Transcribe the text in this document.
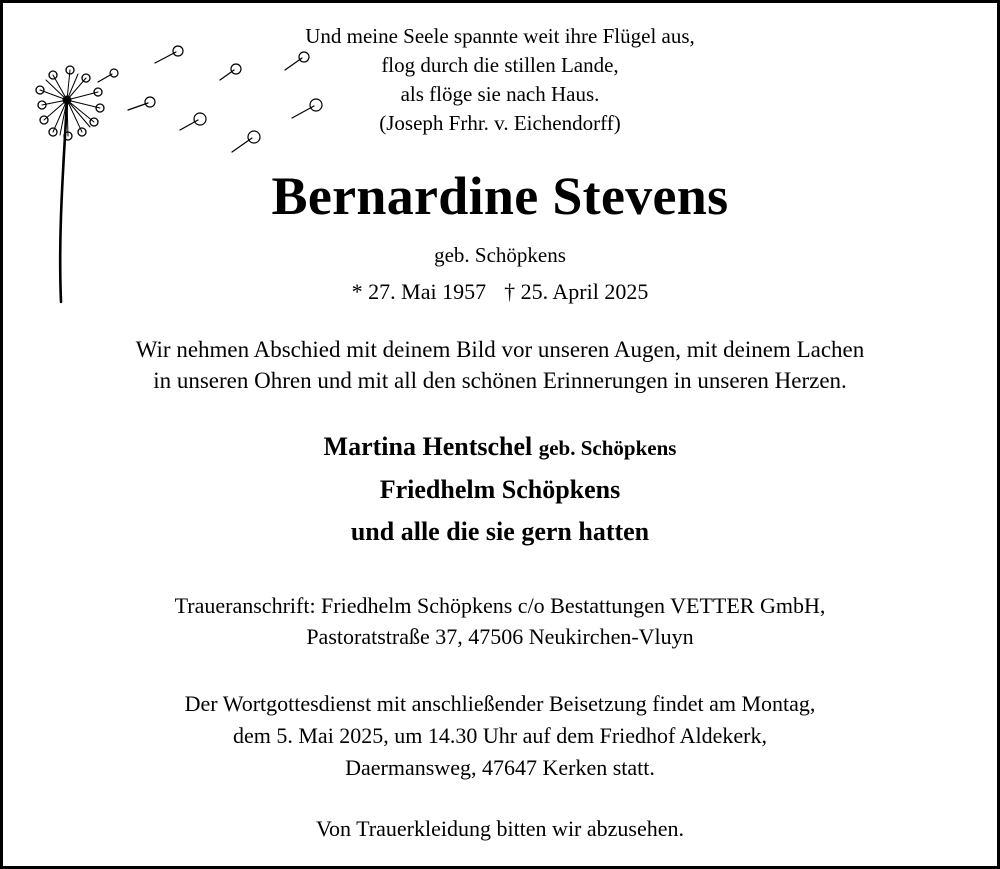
Und meine Seele spannte weit ihre Flügel aus,
flog durch die stillen Lande,
als flöge sie nach Haus.
(Joseph Frhr. v. Eichendorff)
Bernardine Stevens
geb. Schöpkens
* 27. Mai 1957 † 25. April 2025
Wir nehmen Abschied mit deinem Bild vor unseren Augen, mit deinem Lachen
in unseren Ohren und mit all den schönen Erinnerungen in unseren Herzen.
Martina Hentschel geb. Schöpkens
Friedhelm Schöpkens
und alle die sie gern hatten
Traueranschrift: Friedhelm Schöpkens c/o Bestattungen VETTER GmbH,
Pastoratstraße 37, 47506 Neukirchen-Vluyn
Der Wortgottesdienst mit anschließender Beisetzung findet am Montag,
dem 5. Mai 2025, um 14.30 Uhr auf dem Friedhof Aldekerk,
Daermansweg, 47647 Kerken statt.
Von Trauerkleidung bitten wir abzusehen.
